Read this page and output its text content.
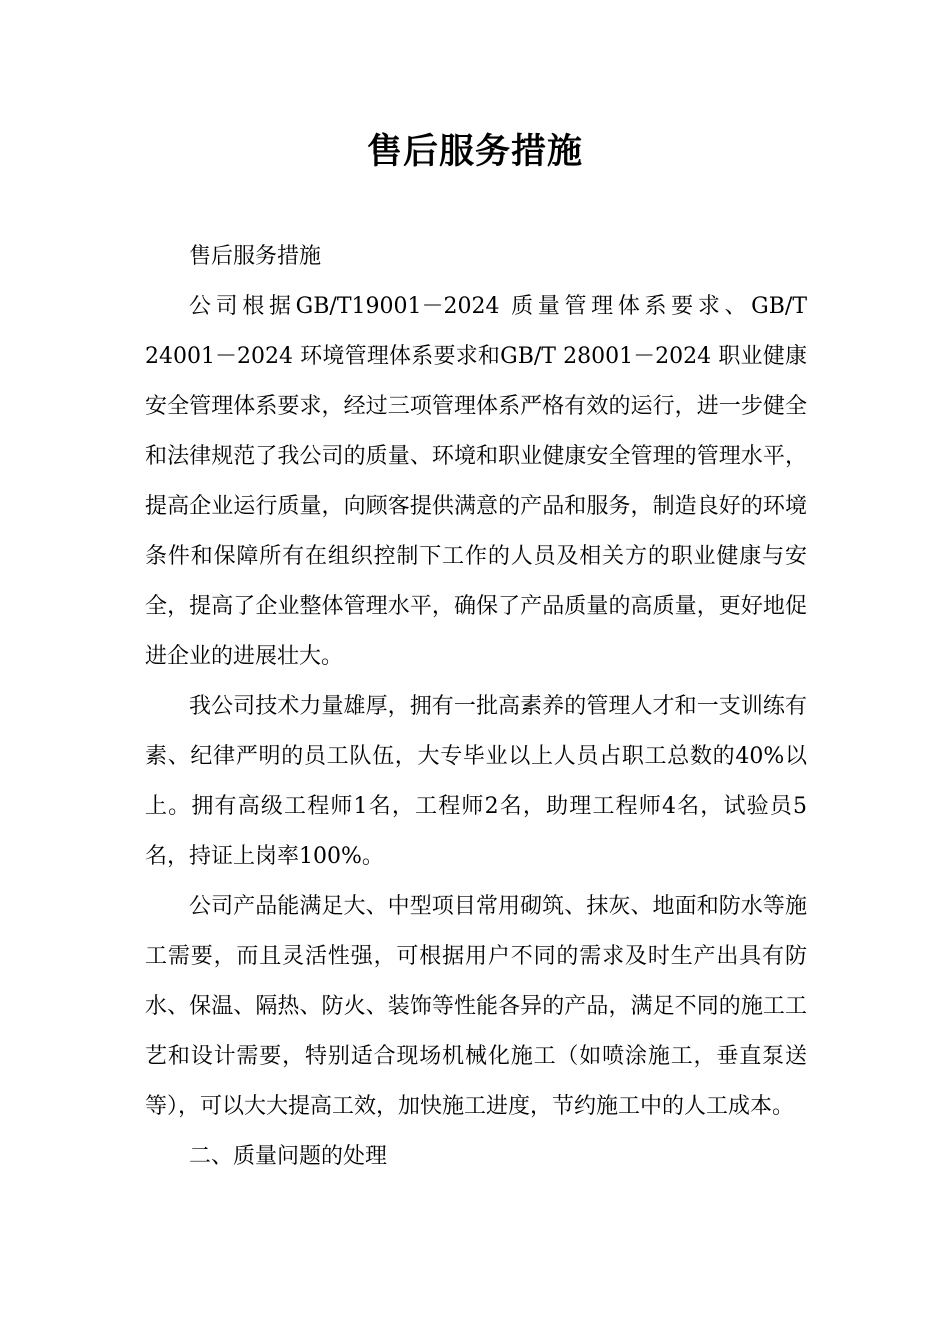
售后服务措施

售后服务措施

公司根据GB/T19001－2024 质量管理体系要求、GB/T 24001－2024 环境管理体系要求和GB/T 28001－2024 职业健康安全管理体系要求，经过三项管理体系严格有效的运行，进一步健全和法律规范了我公司的质量、环境和职业健康安全管理的管理水平，提高企业运行质量，向顾客提供满意的产品和服务，制造良好的环境条件和保障所有在组织控制下工作的人员及相关方的职业健康与安全，提高了企业整体管理水平，确保了产品质量的高质量，更好地促进企业的进展壮大。

我公司技术力量雄厚，拥有一批高素养的管理人才和一支训练有素、纪律严明的员工队伍，大专毕业以上人员占职工总数的40%以上。拥有高级工程师1名，工程师2名，助理工程师4名，试验员5名，持证上岗率100%。

公司产品能满足大、中型项目常用砌筑、抹灰、地面和防水等施工需要，而且灵活性强，可根据用户不同的需求及时生产出具有防水、保温、隔热、防火、装饰等性能各异的产品，满足不同的施工工艺和设计需要，特别适合现场机械化施工（如喷涂施工，垂直泵送等），可以大大提高工效，加快施工进度，节约施工中的人工成本。

二、质量问题的处理
